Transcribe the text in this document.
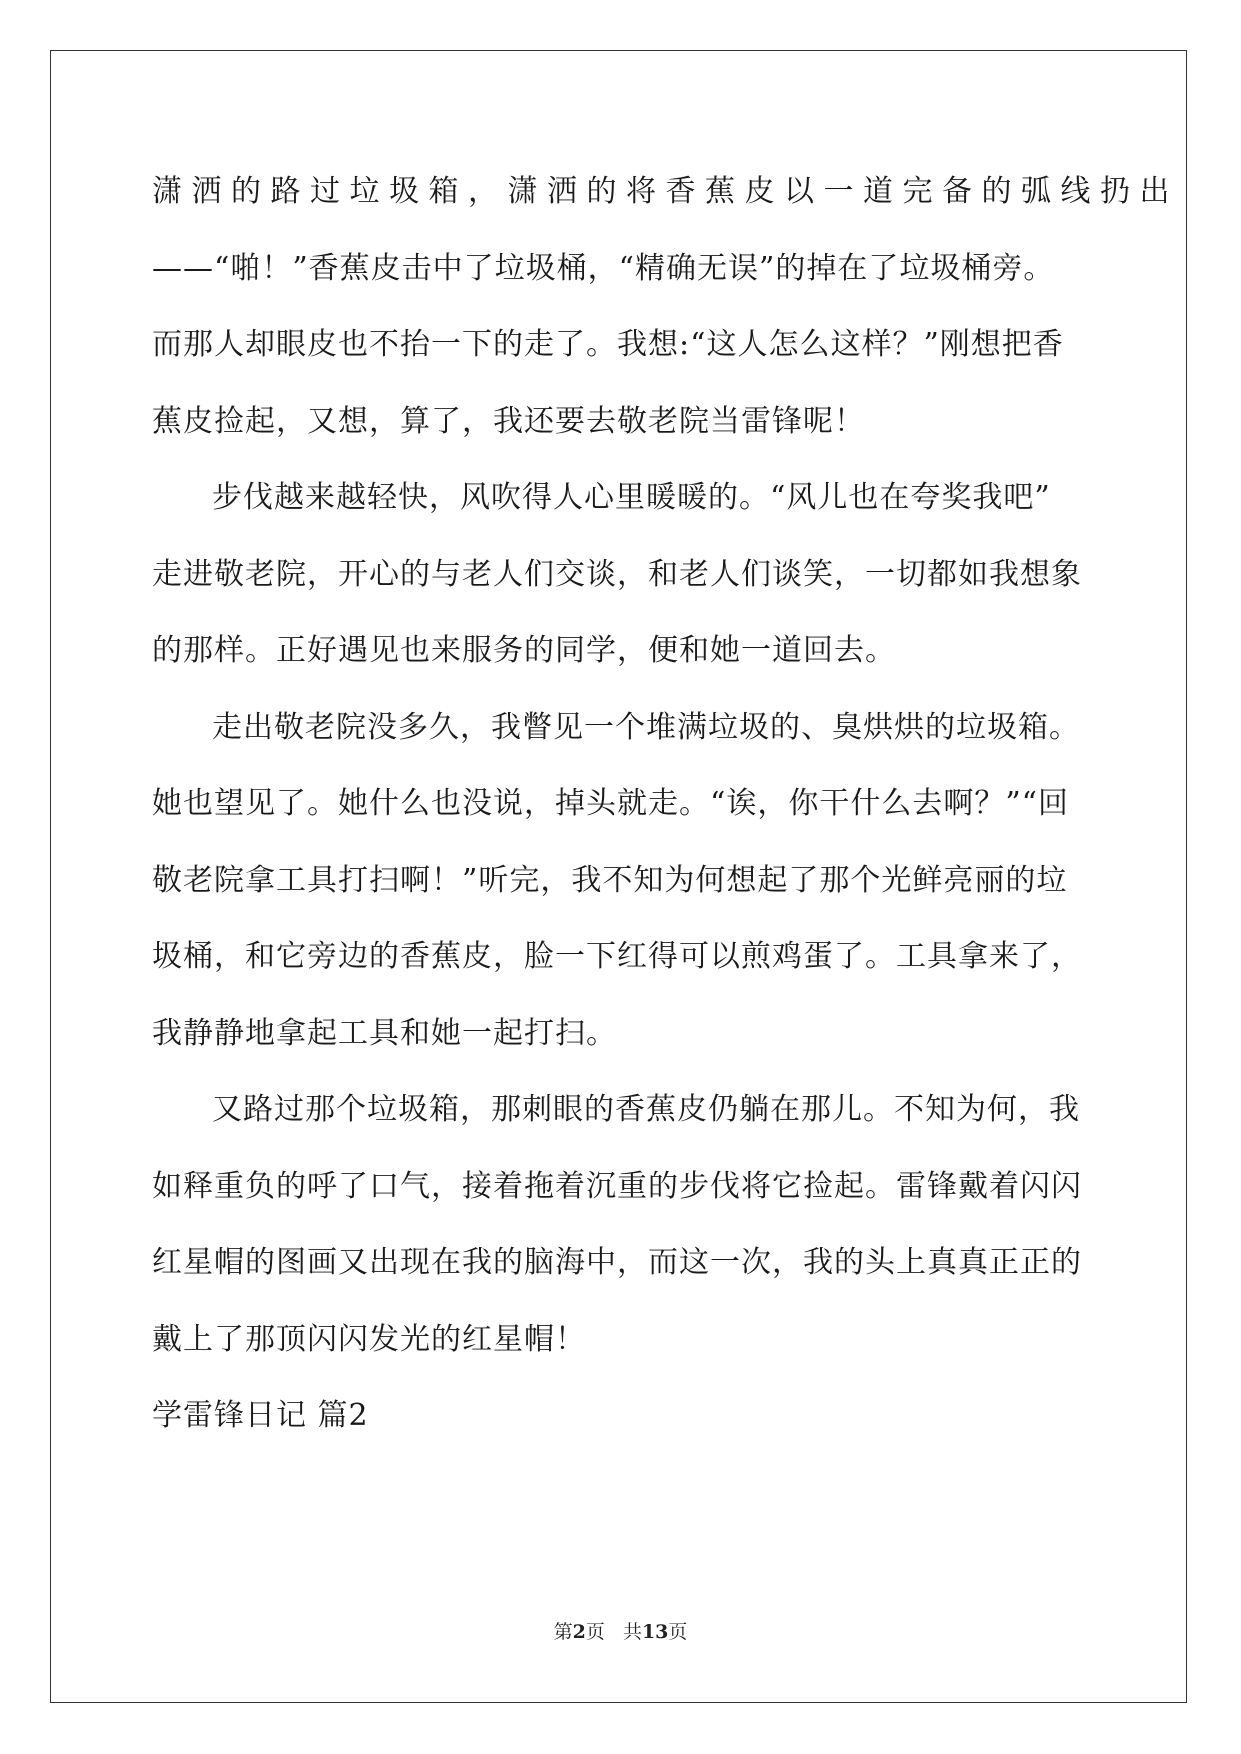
潇洒的路过垃圾箱，潇洒的将香蕉皮以一道完备的弧线扔出
——“啪！”香蕉皮击中了垃圾桶，“精确无误”的掉在了垃圾桶旁。
而那人却眼皮也不抬一下的走了。我想:“这人怎么这样？”刚想把香
蕉皮捡起，又想，算了，我还要去敬老院当雷锋呢！
步伐越来越轻快，风吹得人心里暖暖的。“风儿也在夸奖我吧”
走进敬老院，开心的与老人们交谈，和老人们谈笑，一切都如我想象
的那样。正好遇见也来服务的同学，便和她一道回去。
走出敬老院没多久，我瞥见一个堆满垃圾的、臭烘烘的垃圾箱。
她也望见了。她什么也没说，掉头就走。“诶，你干什么去啊？”“回
敬老院拿工具打扫啊！”听完，我不知为何想起了那个光鲜亮丽的垃
圾桶，和它旁边的香蕉皮，脸一下红得可以煎鸡蛋了。工具拿来了，
我静静地拿起工具和她一起打扫。
又路过那个垃圾箱，那刺眼的香蕉皮仍躺在那儿。不知为何，我
如释重负的呼了口气，接着拖着沉重的步伐将它捡起。雷锋戴着闪闪
红星帽的图画又出现在我的脑海中，而这一次，我的头上真真正正的
戴上了那顶闪闪发光的红星帽！
学雷锋日记 篇2
第2页   共13页
